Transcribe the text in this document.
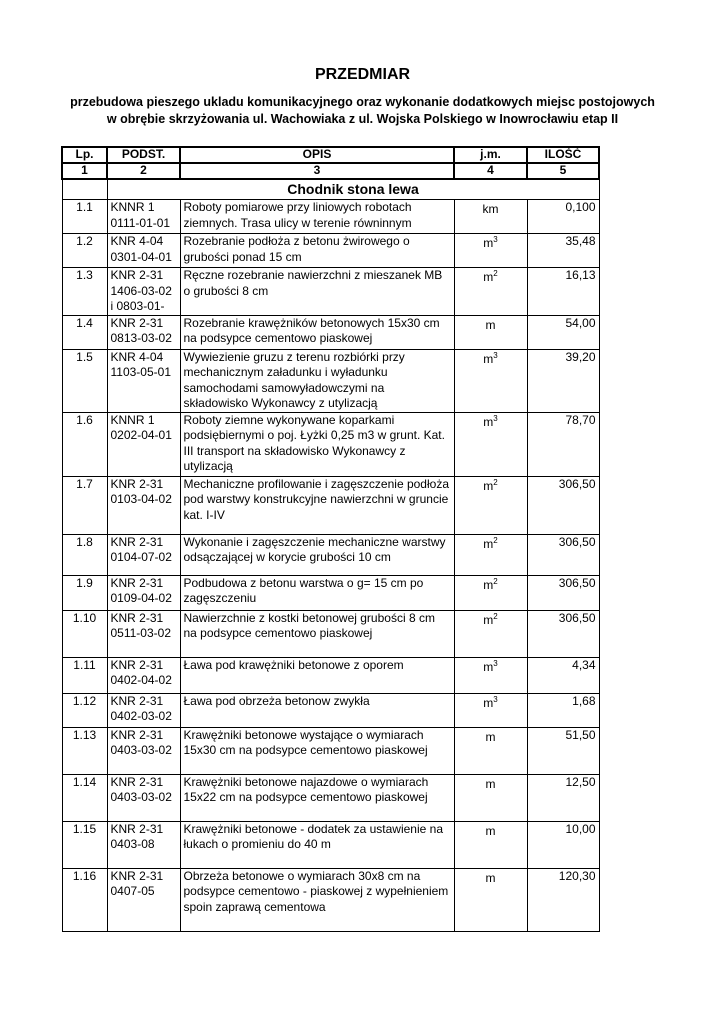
PRZEDMIAR
przebudowa pieszego ukladu komunikacyjnego oraz wykonanie dodatkowych miejsc postojowych w obrębie skrzyżowania ul. Wachowiaka z ul. Wojska Polskiego w Inowrocławiu etap II
Lp.	PODST.	OPIS	j.m.	ILOŚĆ
1	2	3	4	5
	Chodnik stona lewa			
1.1	KNNR 1 0111-01-01	Roboty pomiarowe przy liniowych robotach ziemnych. Trasa ulicy w terenie równinnym	km	0,100
1.2	KNR 4-04 0301-04-01	Rozebranie podłoża z betonu żwirowego o grubości ponad 15 cm	$m^3$	35,48
1.3	KNR 2-31 1406-03-02 i 0803-01-	Ręczne rozebranie nawierzchni z mieszanek MB o grubości 8 cm	$m^2$	16,13
1.4	KNR 2-31 0813-03-02	Rozebranie krawężników betonowych 15x30 cm na podsypce cementowo piaskowej	m	54,00
1.5	KNR 4-04 1103-05-01	Wywiezienie gruzu z terenu rozbiórki przy mechanicznym załadunku i wyładunku samochodami samowyładowczymi na składowisko Wykonawcy z utylizacją	$m^3$	39,20
1.6	KNNR 1 0202-04-01	Roboty ziemne wykonywane koparkami podsiębiernymi o poj. Łyżki 0,25 m3 w grunt. Kat. III transport na składowisko Wykonawcy z utylizacją	$m^3$	78,70
1.7	KNR 2-31 0103-04-02	Mechaniczne profilowanie i zagęszczenie podłoża pod warstwy konstrukcyjne nawierzchni w gruncie kat. I-IV	$m^2$	306,50
1.8	KNR 2-31 0104-07-02	Wykonanie i zagęszczenie mechaniczne warstwy odsączającej w korycie grubości 10 cm	$m^2$	306,50
1.9	KNR 2-31 0109-04-02	Podbudowa z betonu warstwa o g= 15 cm po zagęszczeniu	$m^2$	306,50
1.10	KNR 2-31 0511-03-02	Nawierzchnie z kostki betonowej grubości 8 cm na podsypce cementowo piaskowej	$m^2$	306,50
1.11	KNR 2-31 0402-04-02	Ława pod krawężniki betonowe z oporem	$m^3$	4,34
1.12	KNR 2-31 0402-03-02	Ława pod obrzeża betonow zwykła	$m^3$	1,68
1.13	KNR 2-31 0403-03-02	Krawężniki betonowe wystające o wymiarach 15x30 cm na podsypce cementowo piaskowej	m	51,50
1.14	KNR 2-31 0403-03-02	Krawężniki betonowe najazdowe o wymiarach 15x22 cm na podsypce cementowo piaskowej	m	12,50
1.15	KNR 2-31 0403-08	Krawężniki betonowe - dodatek za ustawienie na łukach o promieniu do 40 m	m	10,00
1.16	KNR 2-31 0407-05	Obrzeża betonowe o wymiarach 30x8 cm na podsypce cementowo - piaskowej z wypełnieniem spoin zaprawą cementowa	m	120,30
